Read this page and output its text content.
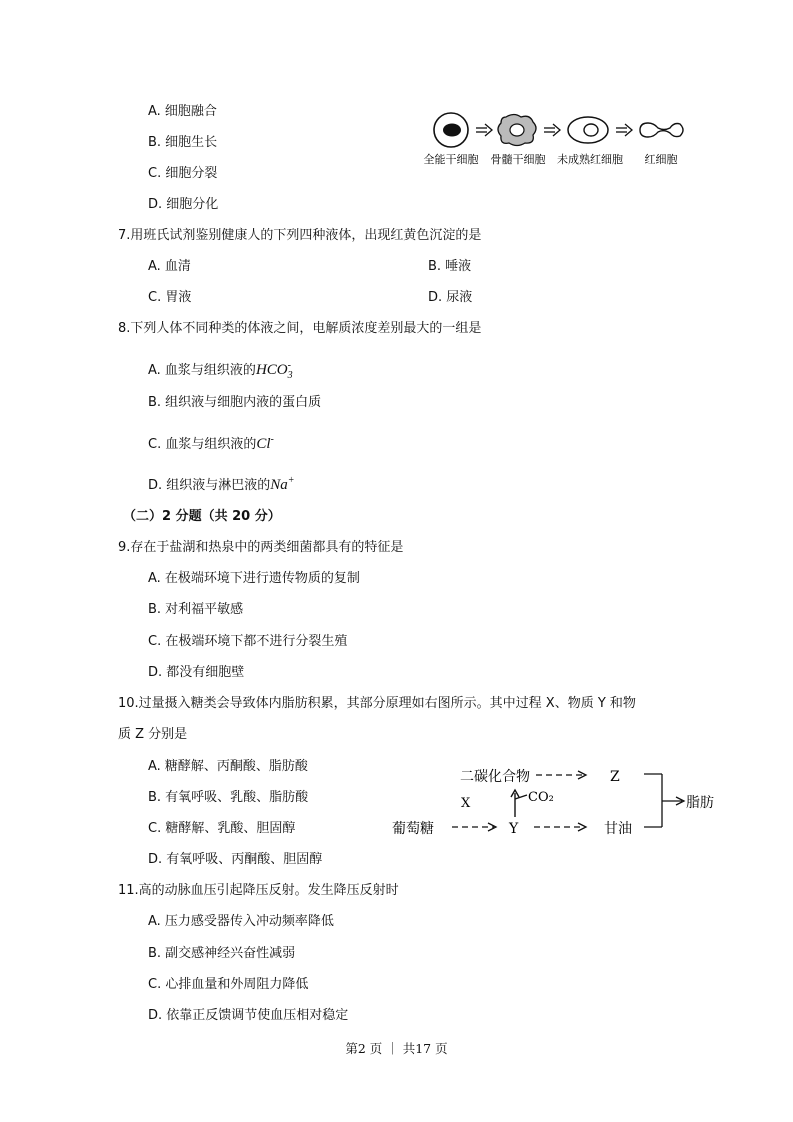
A. 细胞融合
B. 细胞生长
C. 细胞分裂
D. 细胞分化
全能干细胞 骨髓干细胞 未成熟红细胞 红细胞
7.用班氏试剂鉴别健康人的下列四种液体，出现红黄色沉淀的是
A. 血清	B. 唾液
C. 胃液	D. 尿液
8.下列人体不同种类的体液之间，电解质浓度差别最大的一组是
A. 血浆与组织液的$HCO_3^-$
B. 组织液与细胞内液的蛋白质
C. 血浆与组织液的Cl-
D. 组织液与淋巴液的Na+
（二）2 分题（共 20 分）
9.存在于盐湖和热泉中的两类细菌都具有的特征是
A. 在极端环境下进行遗传物质的复制
B. 对利福平敏感
C. 在极端环境下都不进行分裂生殖
D. 都没有细胞壁
10.过量摄入糖类会导致体内脂肪积累，其部分原理如右图所示。其中过程 X、物质 Y 和物
质 Z 分别是
A. 糖酵解、丙酮酸、脂肪酸
B. 有氧呼吸、乳酸、脂肪酸
C. 糖酵解、乳酸、胆固醇
D. 有氧呼吸、丙酮酸、胆固醇
二碳化合物	Z
X
葡萄糖	Y
CO₂
甘油
脂肪
11.高的动脉血压引起降压反射。发生降压反射时
A. 压力感受器传入冲动频率降低
B. 副交感神经兴奋性减弱
C. 心排血量和外周阻力降低
D. 依靠正反馈调节使血压相对稳定
第2 页 ｜ 共17 页
